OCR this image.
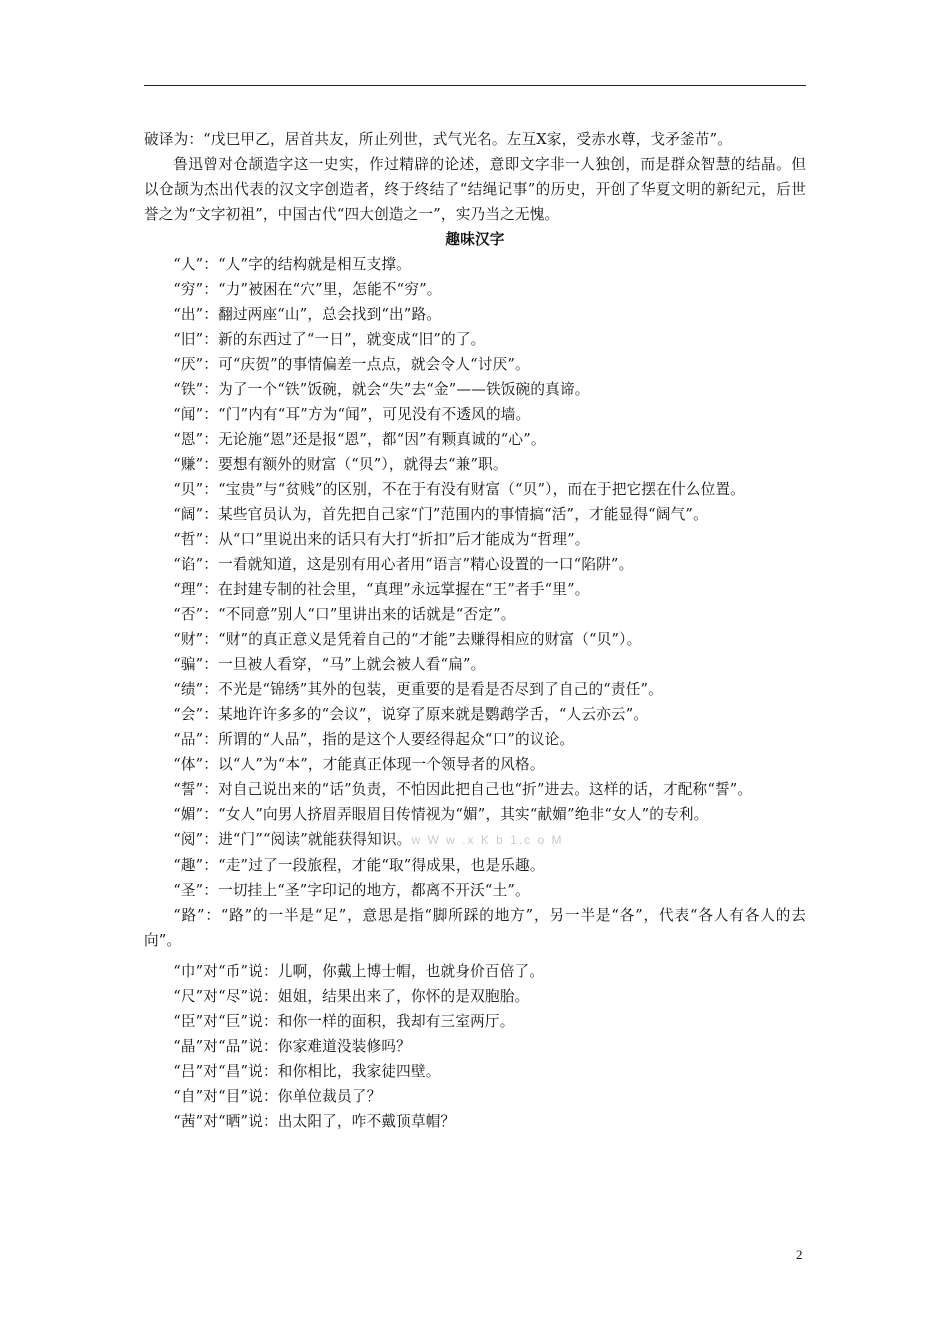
破译为：“戊巳甲乙，居首共友，所止列世，式气光名。左互X家，受赤水尊，戈矛釜芇”。

鲁迅曾对仓颉造字这一史实，作过精辟的论述，意即文字非一人独创，而是群众智慧的结晶。但以仓颉为杰出代表的汉文字创造者，终于终结了“结绳记事”的历史，开创了华夏文明的新纪元，后世誉之为“文字初祖”，中国古代“四大创造之一”，实乃当之无愧。

趣味汉字

“人”：“人”字的结构就是相互支撑。

“穷”：“力”被困在“穴”里，怎能不“穷”。

“出”：翻过两座“山”，总会找到“出”路。

“旧”：新的东西过了“一日”，就变成“旧”的了。

“厌”：可“庆贺”的事情偏差一点点，就会令人“讨厌”。

“铁”：为了一个“铁”饭碗，就会“失”去“金”——铁饭碗的真谛。

“闻”：“门”内有“耳”方为“闻”，可见没有不透风的墙。

“恩”：无论施“恩”还是报“恩”，都“因”有颗真诚的“心”。

“赚”：要想有额外的财富（“贝”），就得去“兼”职。

“贝”：“宝贵”与“贫贱”的区别，不在于有没有财富（“贝”），而在于把它摆在什么位置。

“阔”：某些官员认为，首先把自己家“门”范围内的事情搞“活”，才能显得“阔气”。

“哲”：从“口”里说出来的话只有大打“折扣”后才能成为“哲理”。

“谄”：一看就知道，这是别有用心者用“语言”精心设置的一口“陷阱”。

“理”：在封建专制的社会里，“真理”永远掌握在“王”者手“里”。

“否”：“不同意”别人“口”里讲出来的话就是“否定”。

“财”：“财”的真正意义是凭着自己的“才能”去赚得相应的财富（“贝”）。

“骗”：一旦被人看穿，“马”上就会被人看“扁”。

“绩”：不光是“锦绣”其外的包装，更重要的是看是否尽到了自己的“责任”。

“会”：某地许许多多的“会议”，说穿了原来就是鹦鹉学舌，“人云亦云”。

“品”：所谓的“人品”，指的是这个人要经得起众“口”的议论。

“体”：以“人”为“本”，才能真正体现一个领导者的风格。

“誓”：对自己说出来的“话”负责，不怕因此把自己也“折”进去。这样的话，才配称“誓”。

“媚”：“女人”向男人挤眉弄眼眉目传情视为“媚”，其实“献媚”绝非“女人”的专利。

“阅”：进“门”“阅读”就能获得知识。w W w .x K b 1.c o M

“趣”：“走”过了一段旅程，才能“取”得成果，也是乐趣。

“圣”：一切挂上“圣”字印记的地方，都离不开沃“土”。

“路”：“路”的一半是“足”，意思是指“脚所踩的地方”，另一半是“各”，代表“各人有各人的去向”。

“巾”对“币”说：儿啊，你戴上博士帽，也就身价百倍了。

“尺”对“尽”说：姐姐，结果出来了，你怀的是双胞胎。

“臣”对“巨”说：和你一样的面积，我却有三室两厅。

“晶”对“品”说：你家难道没装修吗？

“吕”对“昌”说：和你相比，我家徒四壁。

“自”对“目”说：你单位裁员了？

“茜”对“晒”说：出太阳了，咋不戴顶草帽？

2
